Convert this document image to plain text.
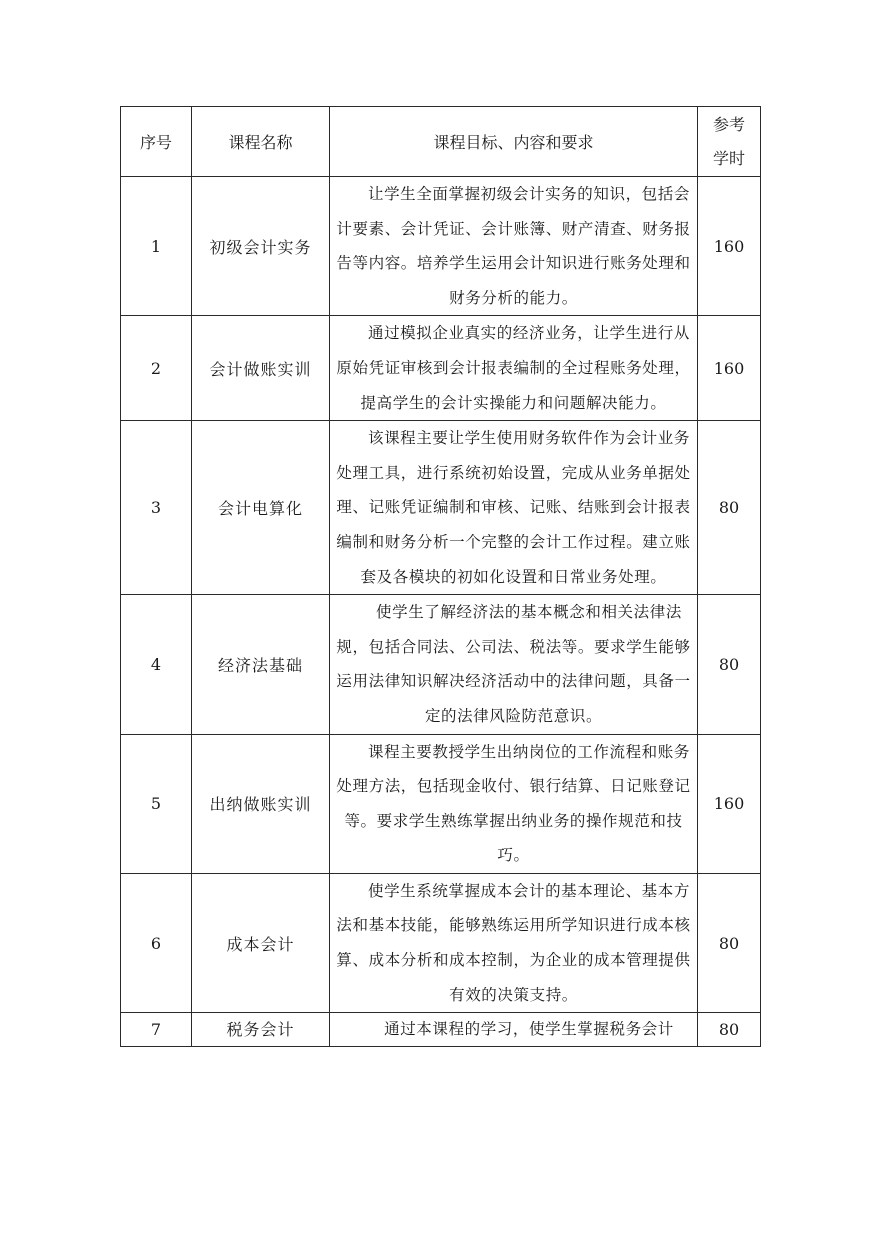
序号	课程名称	课程目标、内容和要求	参考
学时

1	初级会计实务	让学生全面掌握初级会计实务的知识，包括会计要素、会计凭证、会计账簿、财产清查、财务报告等内容。培养学生运用会计知识进行账务处理和财务分析的能力。	160
2	会计做账实训	通过模拟企业真实的经济业务，让学生进行从原始凭证审核到会计报表编制的全过程账务处理，提高学生的会计实操能力和问题解决能力。	160
3	会计电算化	该课程主要让学生使用财务软件作为会计业务处理工具，进行系统初始设置，完成从业务单据处理、记账凭证编制和审核、记账、结账到会计报表编制和财务分析一个完整的会计工作过程。建立账套及各模块的初如化设置和日常业务处理。	80
4	经济法基础	使学生了解经济法的基本概念和相关法律法规，包括合同法、公司法、税法等。要求学生能够运用法律知识解决经济活动中的法律问题，具备一定的法律风险防范意识。	80
5	出纳做账实训	课程主要教授学生出纳岗位的工作流程和账务处理方法，包括现金收付、银行结算、日记账登记等。要求学生熟练掌握出纳业务的操作规范和技巧。	160
6	成本会计	使学生系统掌握成本会计的基本理论、基本方法和基本技能，能够熟练运用所学知识进行成本核算、成本分析和成本控制，为企业的成本管理提供有效的决策支持。	80
7	税务会计	通过本课程的学习，使学生掌握税务会计	80
